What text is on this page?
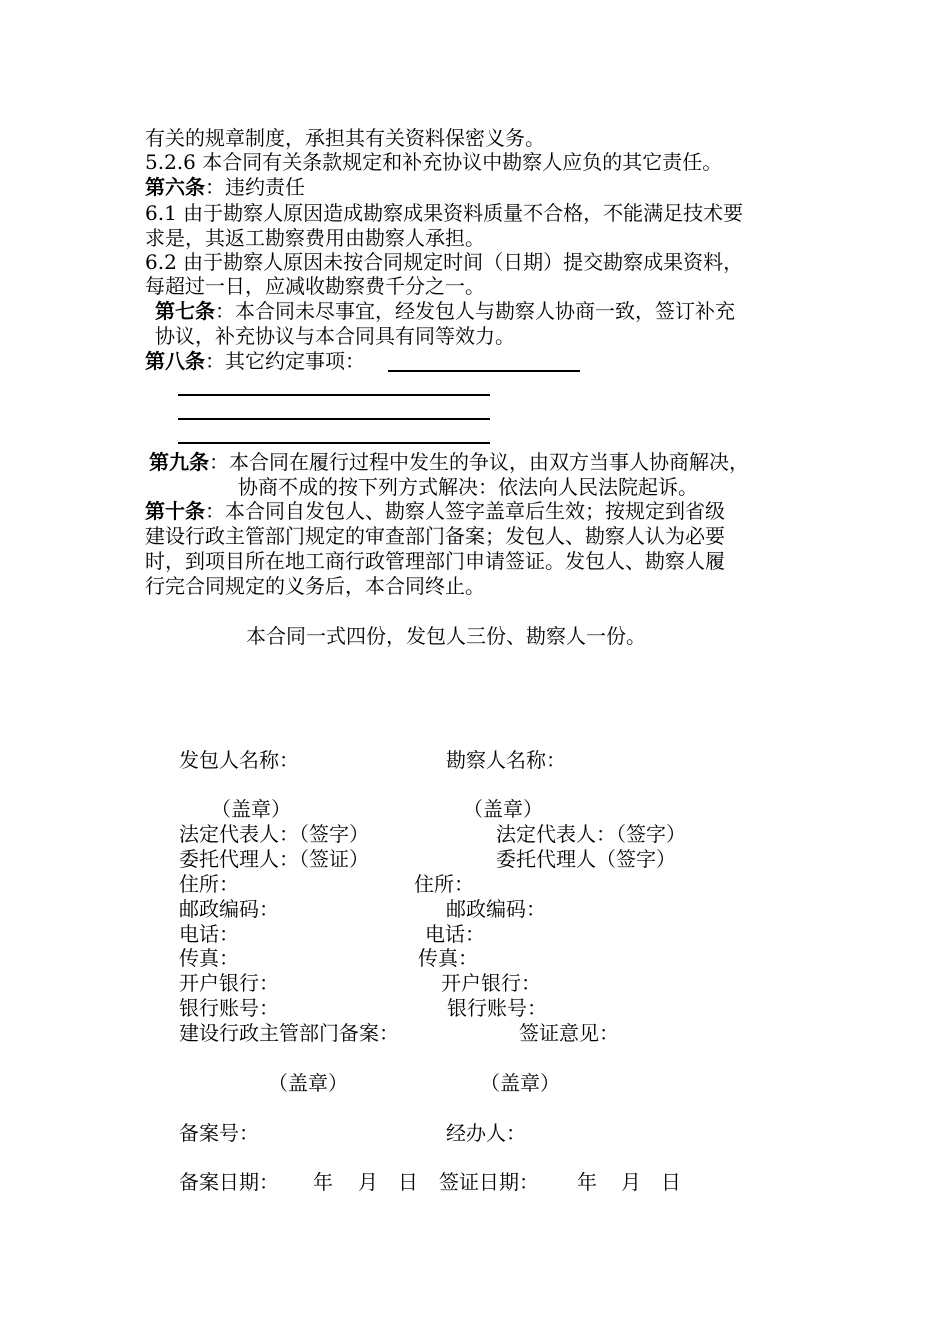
有关的规章制度，承担其有关资料保密义务。
5.2.6 本合同有关条款规定和补充协议中勘察人应负的其它责任。
第六条：违约责任
6.1 由于勘察人原因造成勘察成果资料质量不合格，不能满足技术要
求是，其返工勘察费用由勘察人承担。
6.2 由于勘察人原因未按合同规定时间（日期）提交勘察成果资料，
每超过一日，应减收勘察费千分之一。
第七条：本合同未尽事宜，经发包人与勘察人协商一致，签订补充
协议，补充协议与本合同具有同等效力。
第八条：其它约定事项：
第九条：本合同在履行过程中发生的争议，由双方当事人协商解决，
协商不成的按下列方式解决：依法向人民法院起诉。
第十条：本合同自发包人、勘察人签字盖章后生效；按规定到省级
建设行政主管部门规定的审查部门备案；发包人、勘察人认为必要
时，到项目所在地工商行政管理部门申请签证。发包人、勘察人履
行完合同规定的义务后，本合同终止。
本合同一式四份，发包人三份、勘察人一份。
发包人名称：	勘察人名称：
（盖章）	（盖章）
法定代表人：（签字）	法定代表人：（签字）
委托代理人：（签证）	委托代理人（签字）
住所：	住所：
邮政编码：	邮政编码：
电话：	电话：
传真：	传真：
开户银行：	开户银行：
银行账号：	银行账号：
建设行政主管部门备案：	签证意见：
（盖章）	（盖章）
备案号：	经办人：
备案日期： 年 月 日 签证日期： 年 月 日
